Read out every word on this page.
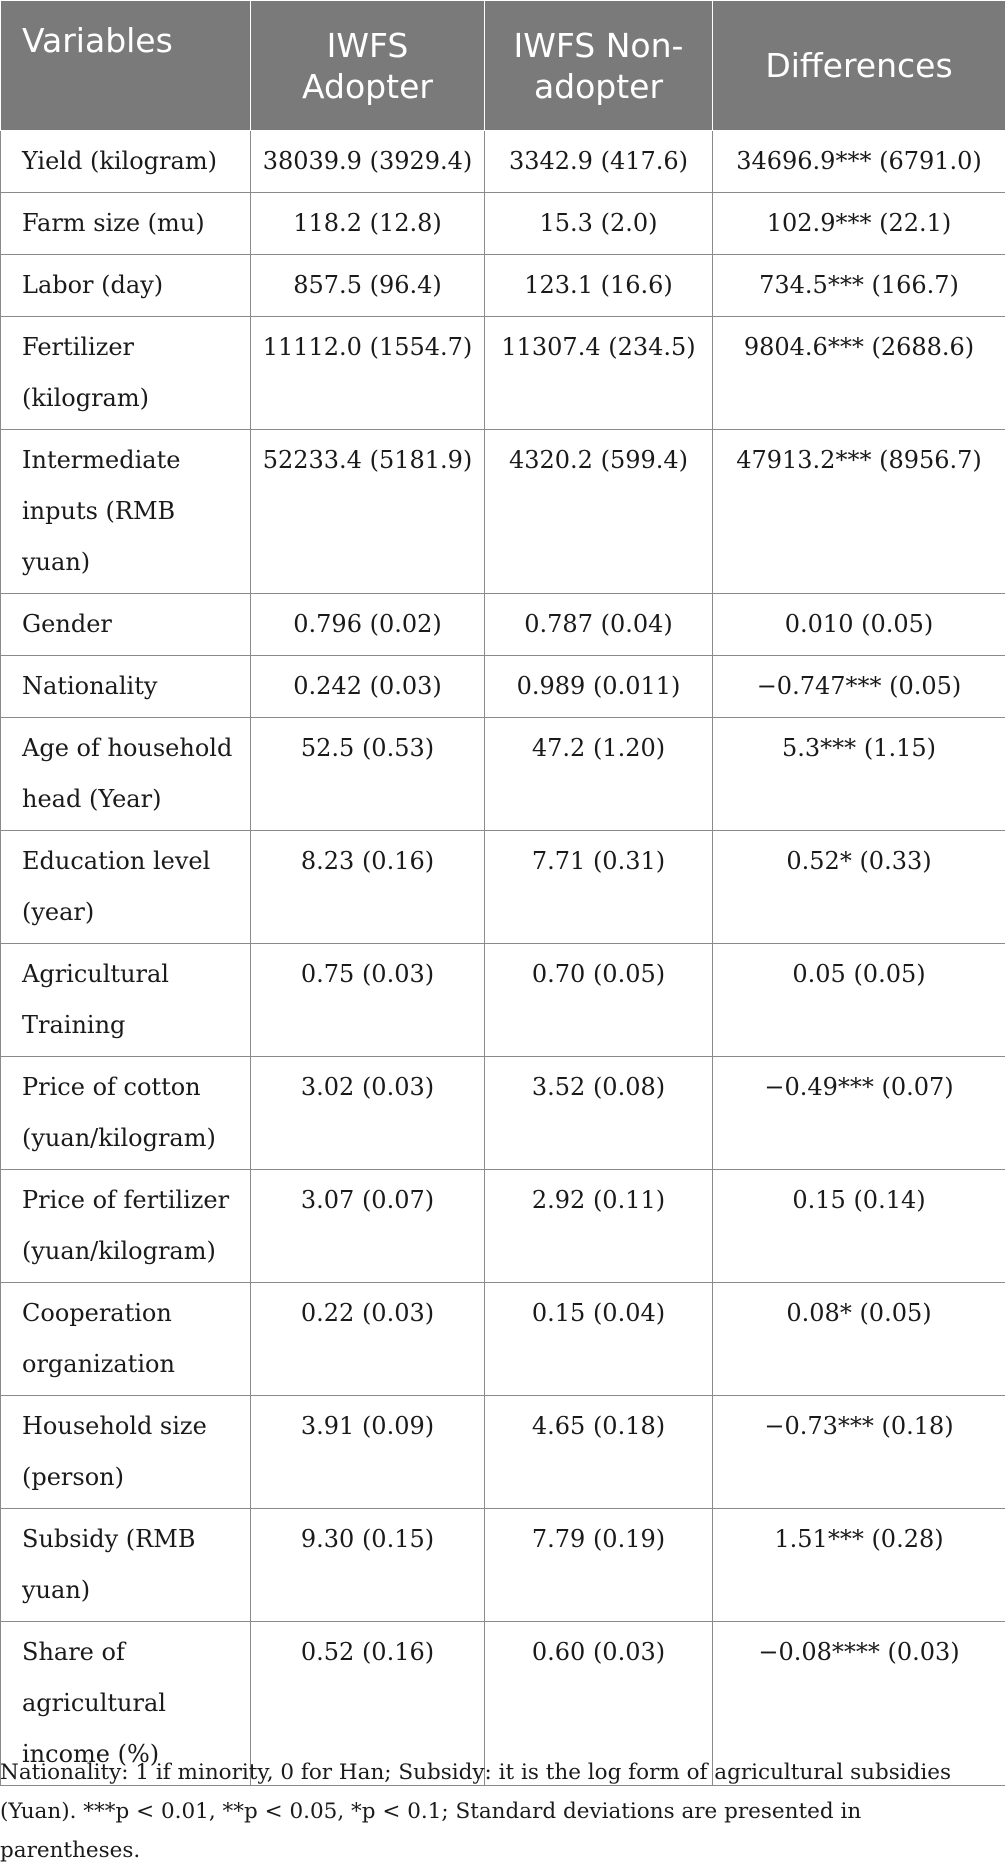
Variables	IWFS Adopter	IWFS Non-adopter	Differences
Yield (kilogram)	38039.9 (3929.4)	3342.9 (417.6)	34696.9*** (6791.0)
Farm size (mu)	118.2 (12.8)	15.3 (2.0)	102.9*** (22.1)
Labor (day)	857.5 (96.4)	123.1 (16.6)	734.5*** (166.7)
Fertilizer (kilogram)	11112.0 (1554.7)	11307.4 (234.5)	9804.6*** (2688.6)
Intermediate inputs (RMB yuan)	52233.4 (5181.9)	4320.2 (599.4)	47913.2*** (8956.7)
Gender	0.796 (0.02)	0.787 (0.04)	0.010 (0.05)
Nationality	0.242 (0.03)	0.989 (0.011)	−0.747*** (0.05)
Age of household head (Year)	52.5 (0.53)	47.2 (1.20)	5.3*** (1.15)
Education level (year)	8.23 (0.16)	7.71 (0.31)	0.52* (0.33)
Agricultural Training	0.75 (0.03)	0.70 (0.05)	0.05 (0.05)
Price of cotton (yuan/kilogram)	3.02 (0.03)	3.52 (0.08)	−0.49*** (0.07)
Price of fertilizer (yuan/kilogram)	3.07 (0.07)	2.92 (0.11)	0.15 (0.14)
Cooperation organization	0.22 (0.03)	0.15 (0.04)	0.08* (0.05)
Household size (person)	3.91 (0.09)	4.65 (0.18)	−0.73*** (0.18)
Subsidy (RMB yuan)	9.30 (0.15)	7.79 (0.19)	1.51*** (0.28)
Share of agricultural income (%)	0.52 (0.16)	0.60 (0.03)	−0.08**** (0.03)
Nationality: 1 if minority, 0 for Han; Subsidy: it is the log form of agricultural subsidies (Yuan). ***p < 0.01, **p < 0.05, *p < 0.1; Standard deviations are presented in parentheses.
